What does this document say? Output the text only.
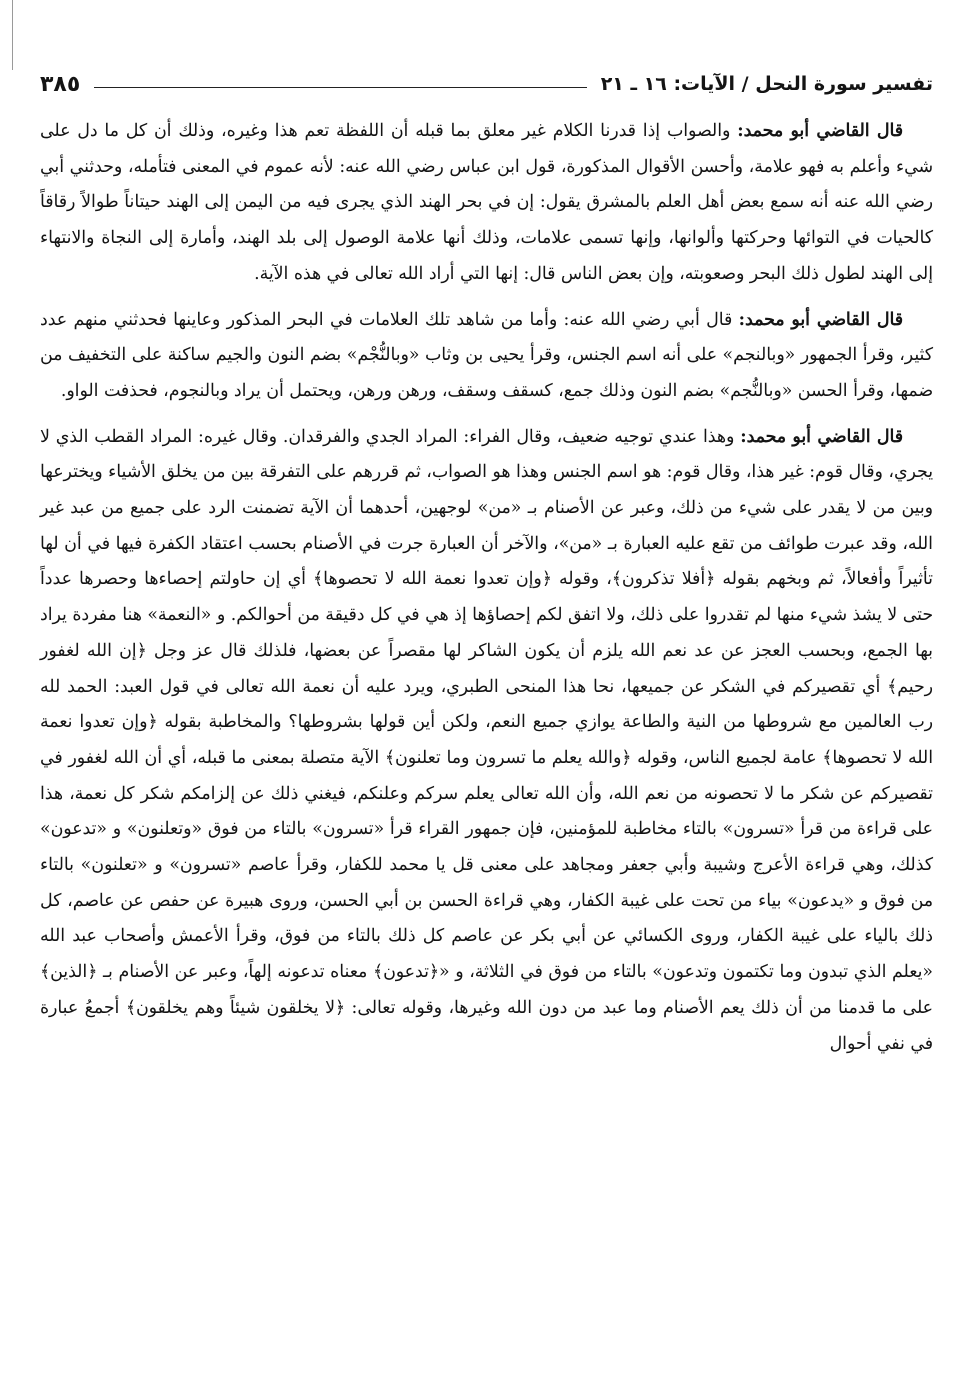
تفسير سورة النحل / الآيات: ١٦ ـ ٢١
٣٨٥

قال القاضي أبو محمد: والصواب إذا قدرنا الكلام غير معلق بما قبله أن اللفظة تعم هذا وغيره، وذلك أن كل ما دل على شيء وأعلم به فهو علامة، وأحسن الأقوال المذكورة، قول ابن عباس رضي الله عنه: لأنه عموم في المعنى فتأمله، وحدثني أبي رضي الله عنه أنه سمع بعض أهل العلم بالمشرق يقول: إن في بحر الهند الذي يجرى فيه من اليمن إلى الهند حيتاناً طوالاً رقاقاً كالحيات في التوائها وحركتها وألوانها، وإنها تسمى علامات، وذلك أنها علامة الوصول إلى بلد الهند، وأمارة إلى النجاة والانتهاء إلى الهند لطول ذلك البحر وصعوبته، وإن بعض الناس قال: إنها التي أراد الله تعالى في هذه الآية.

قال القاضي أبو محمد: قال أبي رضي الله عنه: وأما من شاهد تلك العلامات في البحر المذكور وعاينها فحدثني منهم عدد كثير، وقرأ الجمهور «وبالنجم» على أنه اسم الجنس، وقرأ يحيى بن وثاب «وبالنُّجْم» بضم النون والجيم ساكنة على التخفيف من ضمها، وقرأ الحسن «وبالنُّجم» بضم النون وذلك جمع، كسقف وسقف، ورهن ورهن، ويحتمل أن يراد وبالنجوم، فحذفت الواو.

قال القاضي أبو محمد: وهذا عندي توجيه ضعيف، وقال الفراء: المراد الجدي والفرقدان. وقال غيره: المراد القطب الذي لا يجري، وقال قوم: غير هذا، وقال قوم: هو اسم الجنس وهذا هو الصواب، ثم قررهم على التفرقة بين من يخلق الأشياء ويخترعها وبين من لا يقدر على شيء من ذلك، وعبر عن الأصنام بـ «من» لوجهين، أحدهما أن الآية تضمنت الرد على جميع من عبد غير الله، وقد عبرت طوائف من تقع عليه العبارة بـ «من»، والآخر أن العبارة جرت في الأصنام بحسب اعتقاد الكفرة فيها في أن لها تأثيراً وأفعالاً، ثم وبخهم بقوله ﴿أفلا تذكرون﴾، وقوله ﴿وإن تعدوا نعمة الله لا تحصوها﴾ أي إن حاولتم إحصاءها وحصرها عدداً حتى لا يشذ شيء منها لم تقدروا على ذلك، ولا اتفق لكم إحصاؤها إذ هي في كل دقيقة من أحوالكم. و «النعمة» هنا مفردة يراد بها الجمع، وبحسب العجز عن عد نعم الله يلزم أن يكون الشاكر لها مقصراً عن بعضها، فلذلك قال عز وجل ﴿إن الله لغفور رحيم﴾ أي تقصيركم في الشكر عن جميعها، نحا هذا المنحى الطبري، ويرد عليه أن نعمة الله تعالى في قول العبد: الحمد لله رب العالمين مع شروطها من النية والطاعة يوازي جميع النعم، ولكن أين قولها بشروطها؟ والمخاطبة بقوله ﴿وإن تعدوا نعمة الله لا تحصوها﴾ عامة لجميع الناس، وقوله ﴿والله يعلم ما تسرون وما تعلنون﴾ الآية متصلة بمعنى ما قبله، أي أن الله لغفور في تقصيركم عن شكر ما لا تحصونه من نعم الله، وأن الله تعالى يعلم سركم وعلنكم، فيغني ذلك عن إلزامكم شكر كل نعمة، هذا على قراءة من قرأ «تسرون» بالتاء مخاطبة للمؤمنين، فإن جمهور القراء قرأ «تسرون» بالتاء من فوق «وتعلنون» و «تدعون» كذلك، وهي قراءة الأعرج وشيبة وأبي جعفر ومجاهد على معنى قل يا محمد للكفار، وقرأ عاصم «تسرون» و «تعلنون» بالتاء من فوق و «يدعون» بياء من تحت على غيبة الكفار، وهي قراءة الحسن بن أبي الحسن، وروى هبيرة عن حفص عن عاصم، كل ذلك بالياء على غيبة الكفار، وروى الكسائي عن أبي بكر عن عاصم كل ذلك بالتاء من فوق، وقرأ الأعمش وأصحاب عبد الله «يعلم الذي تبدون وما تكتمون وتدعون» بالتاء من فوق في الثلاثة، و «﴿تدعون﴾ معناه تدعونه إلهاً، وعبر عن الأصنام بـ ﴿الذين﴾ على ما قدمنا من أن ذلك يعم الأصنام وما عبد من دون الله وغيرها، وقوله تعالى: ﴿لا يخلقون شيئاً وهم يخلقون﴾ أجمعُ عبارة في نفي أحوال
